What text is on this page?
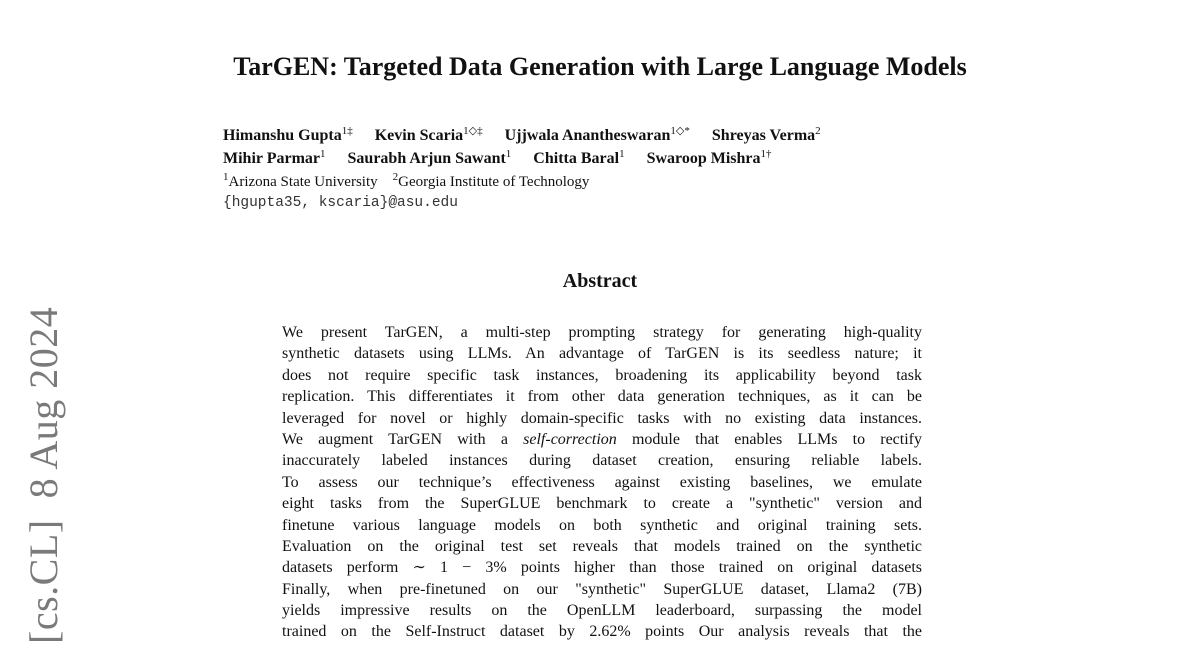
[cs.CL]  8 Aug 2024
TarGEN: Targeted Data Generation with Large Language Models
Himanshu Gupta$^{1\ddagger}$ Kevin Scaria$^{1◇\ddagger}$ Ujjwala Anantheswaran$^{1◇*}$ Shreyas Verma$^2$
Mihir Parmar$^1$ Saurabh Arjun Sawant$^1$ Chitta Baral$^1$ Swaroop Mishra$^{1\dagger}$
$^1$Arizona State University $^2$Georgia Institute of Technology
{hgupta35, kscaria}@asu.edu
Abstract
We present TarGEN, a multi-step prompting strategy for generating high-quality
synthetic datasets using LLMs. An advantage of TarGEN is its seedless nature; it
does not require specific task instances, broadening its applicability beyond task
replication. This differentiates it from other data generation techniques, as it can be
leveraged for novel or highly domain-specific tasks with no existing data instances.
We augment TarGEN with a self-correction module that enables LLMs to rectify
inaccurately labeled instances during dataset creation, ensuring reliable labels.
To assess our technique’s effectiveness against existing baselines, we emulate
eight tasks from the SuperGLUE benchmark to create a "synthetic" version and
finetune various language models on both synthetic and original training sets.
Evaluation on the original test set reveals that models trained on the synthetic
datasets perform ∼ 1 − 3% points higher than those trained on original datasets
Finally, when pre-finetuned on our "synthetic" SuperGLUE dataset, Llama2 (7B)
yields impressive results on the OpenLLM leaderboard, surpassing the model
trained on the Self-Instruct dataset by 2.62% points Our analysis reveals that the
